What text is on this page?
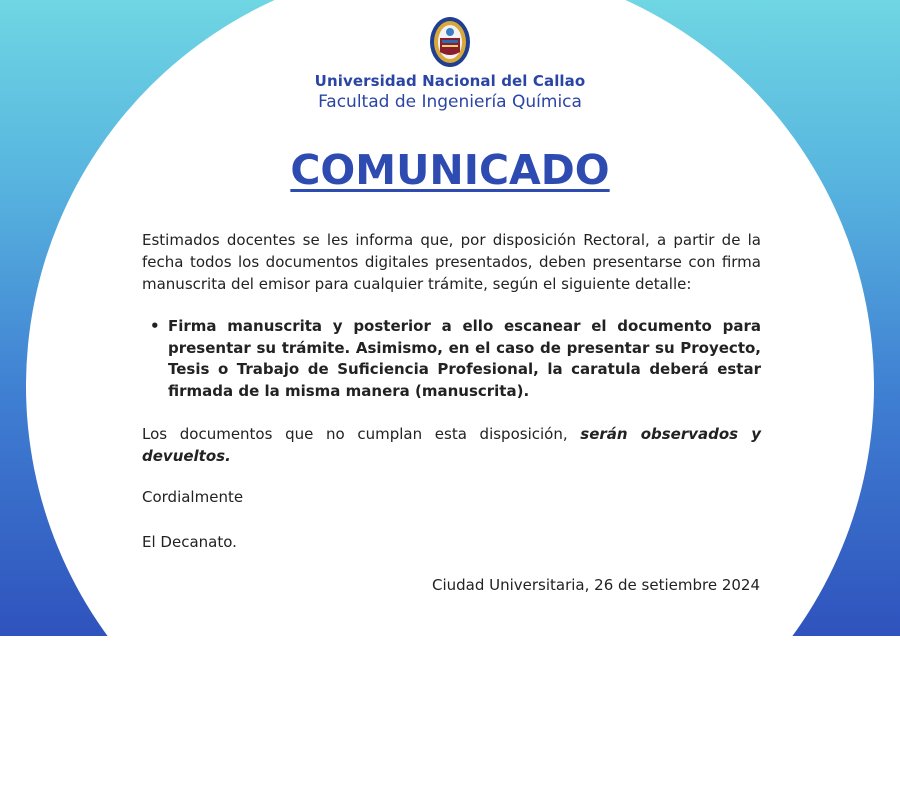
Universidad Nacional del Callao
Facultad de Ingeniería Química
COMUNICADO
Estimados docentes se les informa que, por disposición Rectoral, a partir de la fecha todos los documentos digitales presentados, deben presentarse con firma manuscrita del emisor para cualquier trámite, según el siguiente detalle:
• Firma manuscrita y posterior a ello escanear el documento para presentar su trámite. Asimismo, en el caso de presentar su Proyecto, Tesis o Trabajo de Suficiencia Profesional, la caratula deberá estar firmada de la misma manera (manuscrita).
Los documentos que no cumplan esta disposición, serán observados y devueltos.
Cordialmente
El Decanato.
Ciudad Universitaria, 26 de setiembre 2024
